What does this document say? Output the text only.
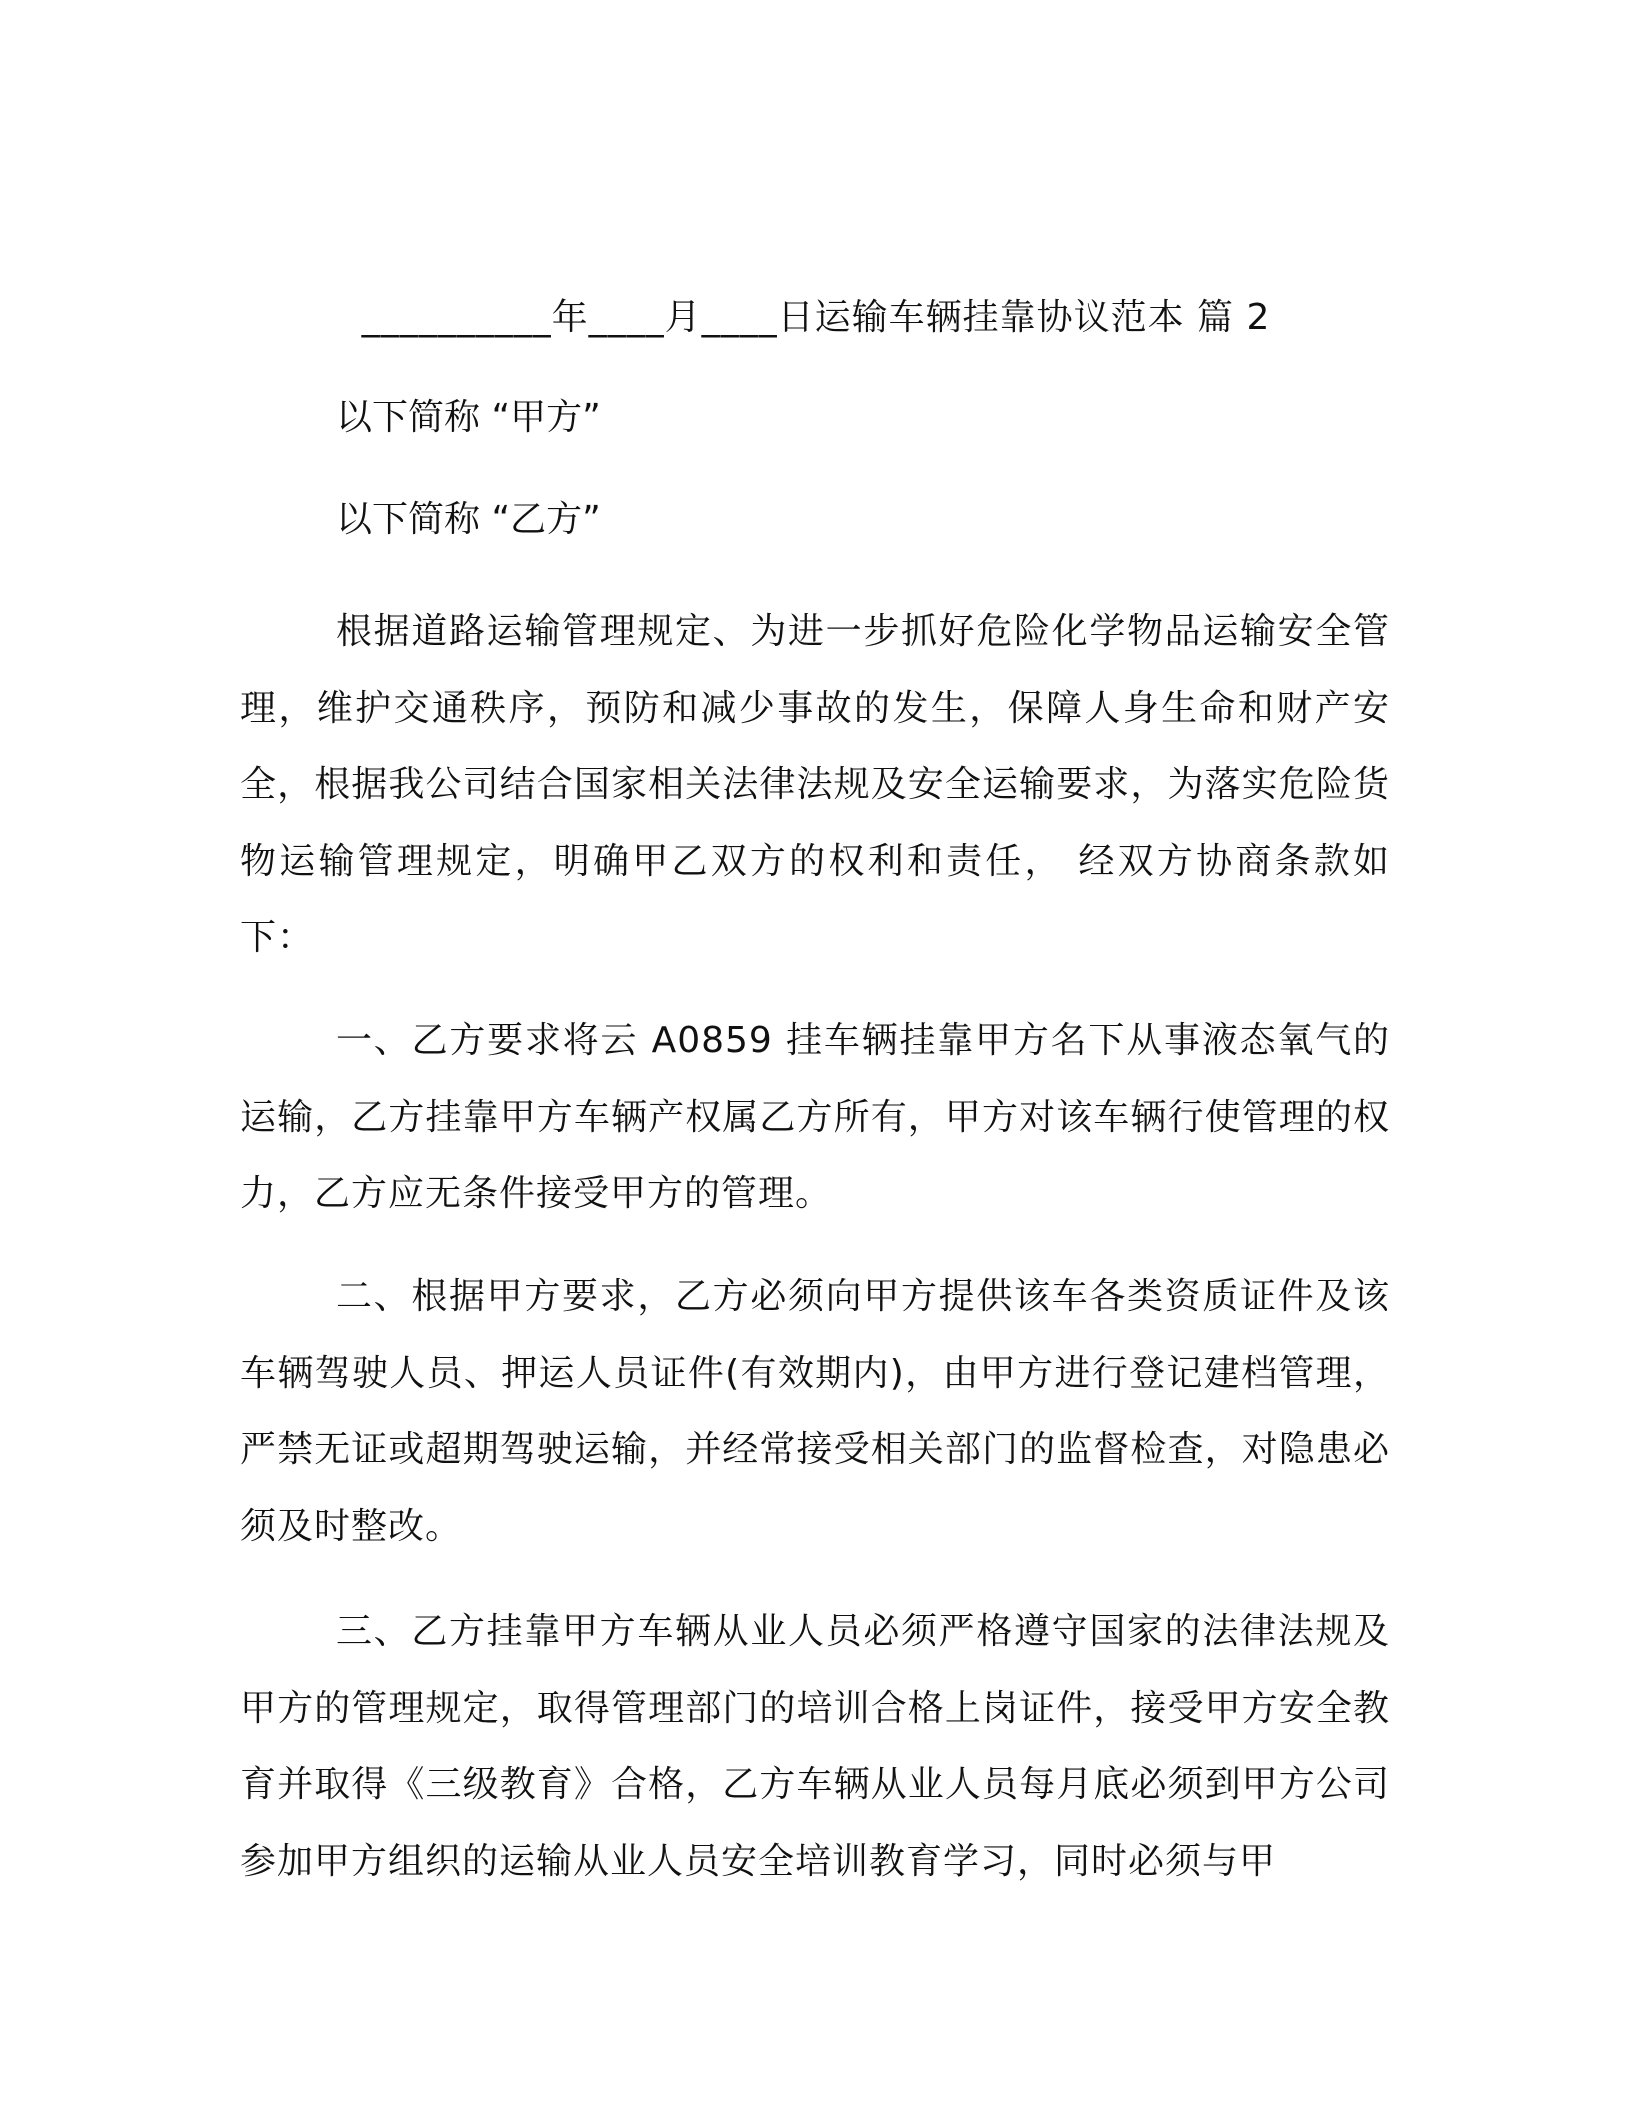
__________年____月____日运输车辆挂靠协议范本 篇 2
以下简称 “甲方”
以下简称 “乙方”

根据道路运输管理规定、为进一步抓好危险化学物品运输安全管理，维护交通秩序，预防和减少事故的发生，保障人身生命和财产安全，根据我公司结合国家相关法律法规及安全运输要求，为落实危险货物运输管理规定，明确甲乙双方的权利和责任， 经双方协商条款如下：

一、乙方要求将云 A0859 挂车辆挂靠甲方名下从事液态氧气的运输，乙方挂靠甲方车辆产权属乙方所有，甲方对该车辆行使管理的权力，乙方应无条件接受甲方的管理。

二、根据甲方要求，乙方必须向甲方提供该车各类资质证件及该车辆驾驶人员、押运人员证件(有效期内)，由甲方进行登记建档管理，严禁无证或超期驾驶运输，并经常接受相关部门的监督检查，对隐患必须及时整改。

三、乙方挂靠甲方车辆从业人员必须严格遵守国家的法律法规及甲方的管理规定，取得管理部门的培训合格上岗证件，接受甲方安全教育并取得《三级教育》合格，乙方车辆从业人员每月底必须到甲方公司参加甲方组织的运输从业人员安全培训教育学习，同时必须与甲
